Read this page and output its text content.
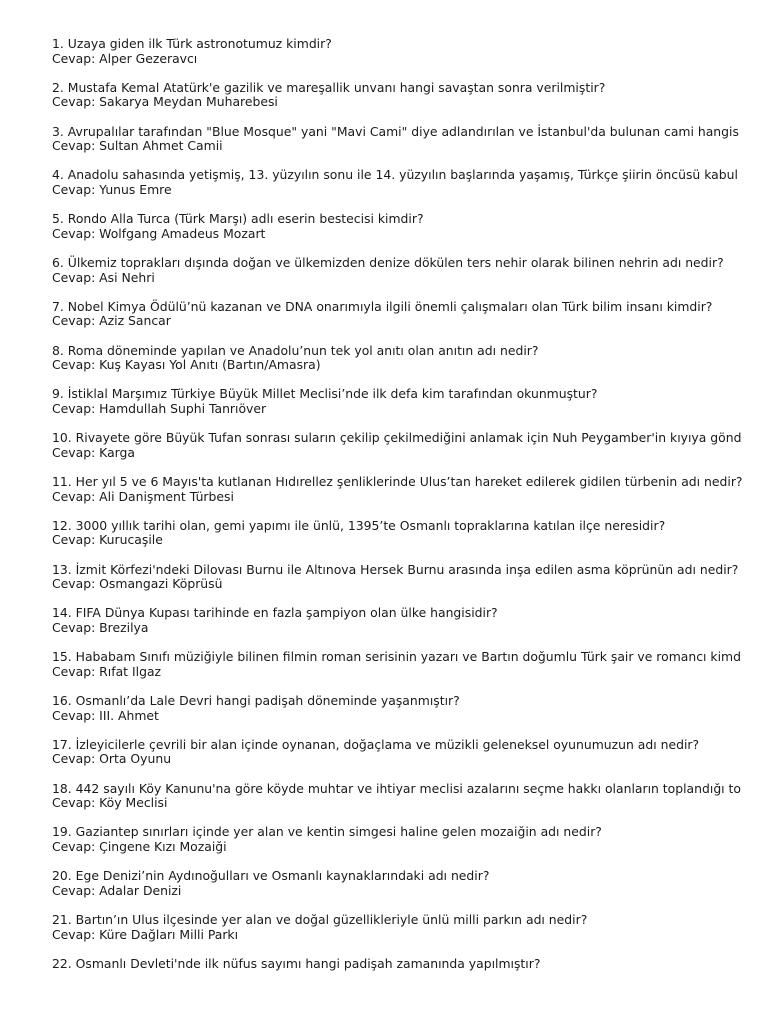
1. Uzaya giden ilk Türk astronotumuz kimdir?
Cevap: Alper Gezeravcı
2. Mustafa Kemal Atatürk'e gazilik ve mareşallik unvanı hangi savaştan sonra verilmiştir?
Cevap: Sakarya Meydan Muharebesi
3. Avrupalılar tarafından "Blue Mosque" yani "Mavi Cami" diye adlandırılan ve İstanbul'da bulunan cami hangis
Cevap: Sultan Ahmet Camii
4. Anadolu sahasında yetişmiş, 13. yüzyılın sonu ile 14. yüzyılın başlarında yaşamış, Türkçe şiirin öncüsü kabul
Cevap: Yunus Emre
5. Rondo Alla Turca (Türk Marşı) adlı eserin bestecisi kimdir?
Cevap: Wolfgang Amadeus Mozart
6. Ülkemiz toprakları dışında doğan ve ülkemizden denize dökülen ters nehir olarak bilinen nehrin adı nedir?
Cevap: Asi Nehri
7. Nobel Kimya Ödülü’nü kazanan ve DNA onarımıyla ilgili önemli çalışmaları olan Türk bilim insanı kimdir?
Cevap: Aziz Sancar
8. Roma döneminde yapılan ve Anadolu’nun tek yol anıtı olan anıtın adı nedir?
Cevap: Kuş Kayası Yol Anıtı (Bartın/Amasra)
9. İstiklal Marşımız Türkiye Büyük Millet Meclisi’nde ilk defa kim tarafından okunmuştur?
Cevap: Hamdullah Suphi Tanrıöver
10. Rivayete göre Büyük Tufan sonrası suların çekilip çekilmediğini anlamak için Nuh Peygamber'in kıyıya gönd
Cevap: Karga
11. Her yıl 5 ve 6 Mayıs'ta kutlanan Hıdırellez şenliklerinde Ulus’tan hareket edilerek gidilen türbenin adı nedir?
Cevap: Ali Danişment Türbesi
12. 3000 yıllık tarihi olan, gemi yapımı ile ünlü, 1395’te Osmanlı topraklarına katılan ilçe neresidir?
Cevap: Kurucaşile
13. İzmit Körfezi'ndeki Dilovası Burnu ile Altınova Hersek Burnu arasında inşa edilen asma köprünün adı nedir?
Cevap: Osmangazi Köprüsü
14. FIFA Dünya Kupası tarihinde en fazla şampiyon olan ülke hangisidir?
Cevap: Brezilya
15. Hababam Sınıfı müziğiyle bilinen filmin roman serisinin yazarı ve Bartın doğumlu Türk şair ve romancı kimd
Cevap: Rıfat Ilgaz
16. Osmanlı’da Lale Devri hangi padişah döneminde yaşanmıştır?
Cevap: III. Ahmet
17. İzleyicilerle çevrili bir alan içinde oynanan, doğaçlama ve müzikli geleneksel oyunumuzun adı nedir?
Cevap: Orta Oyunu
18. 442 sayılı Köy Kanunu'na göre köyde muhtar ve ihtiyar meclisi azalarını seçme hakkı olanların toplandığı to
Cevap: Köy Meclisi
19. Gaziantep sınırları içinde yer alan ve kentin simgesi haline gelen mozaiğin adı nedir?
Cevap: Çingene Kızı Mozaiği
20. Ege Denizi’nin Aydınoğulları ve Osmanlı kaynaklarındaki adı nedir?
Cevap: Adalar Denizi
21. Bartın’ın Ulus ilçesinde yer alan ve doğal güzellikleriyle ünlü milli parkın adı nedir?
Cevap: Küre Dağları Milli Parkı
22. Osmanlı Devleti'nde ilk nüfus sayımı hangi padişah zamanında yapılmıştır?
